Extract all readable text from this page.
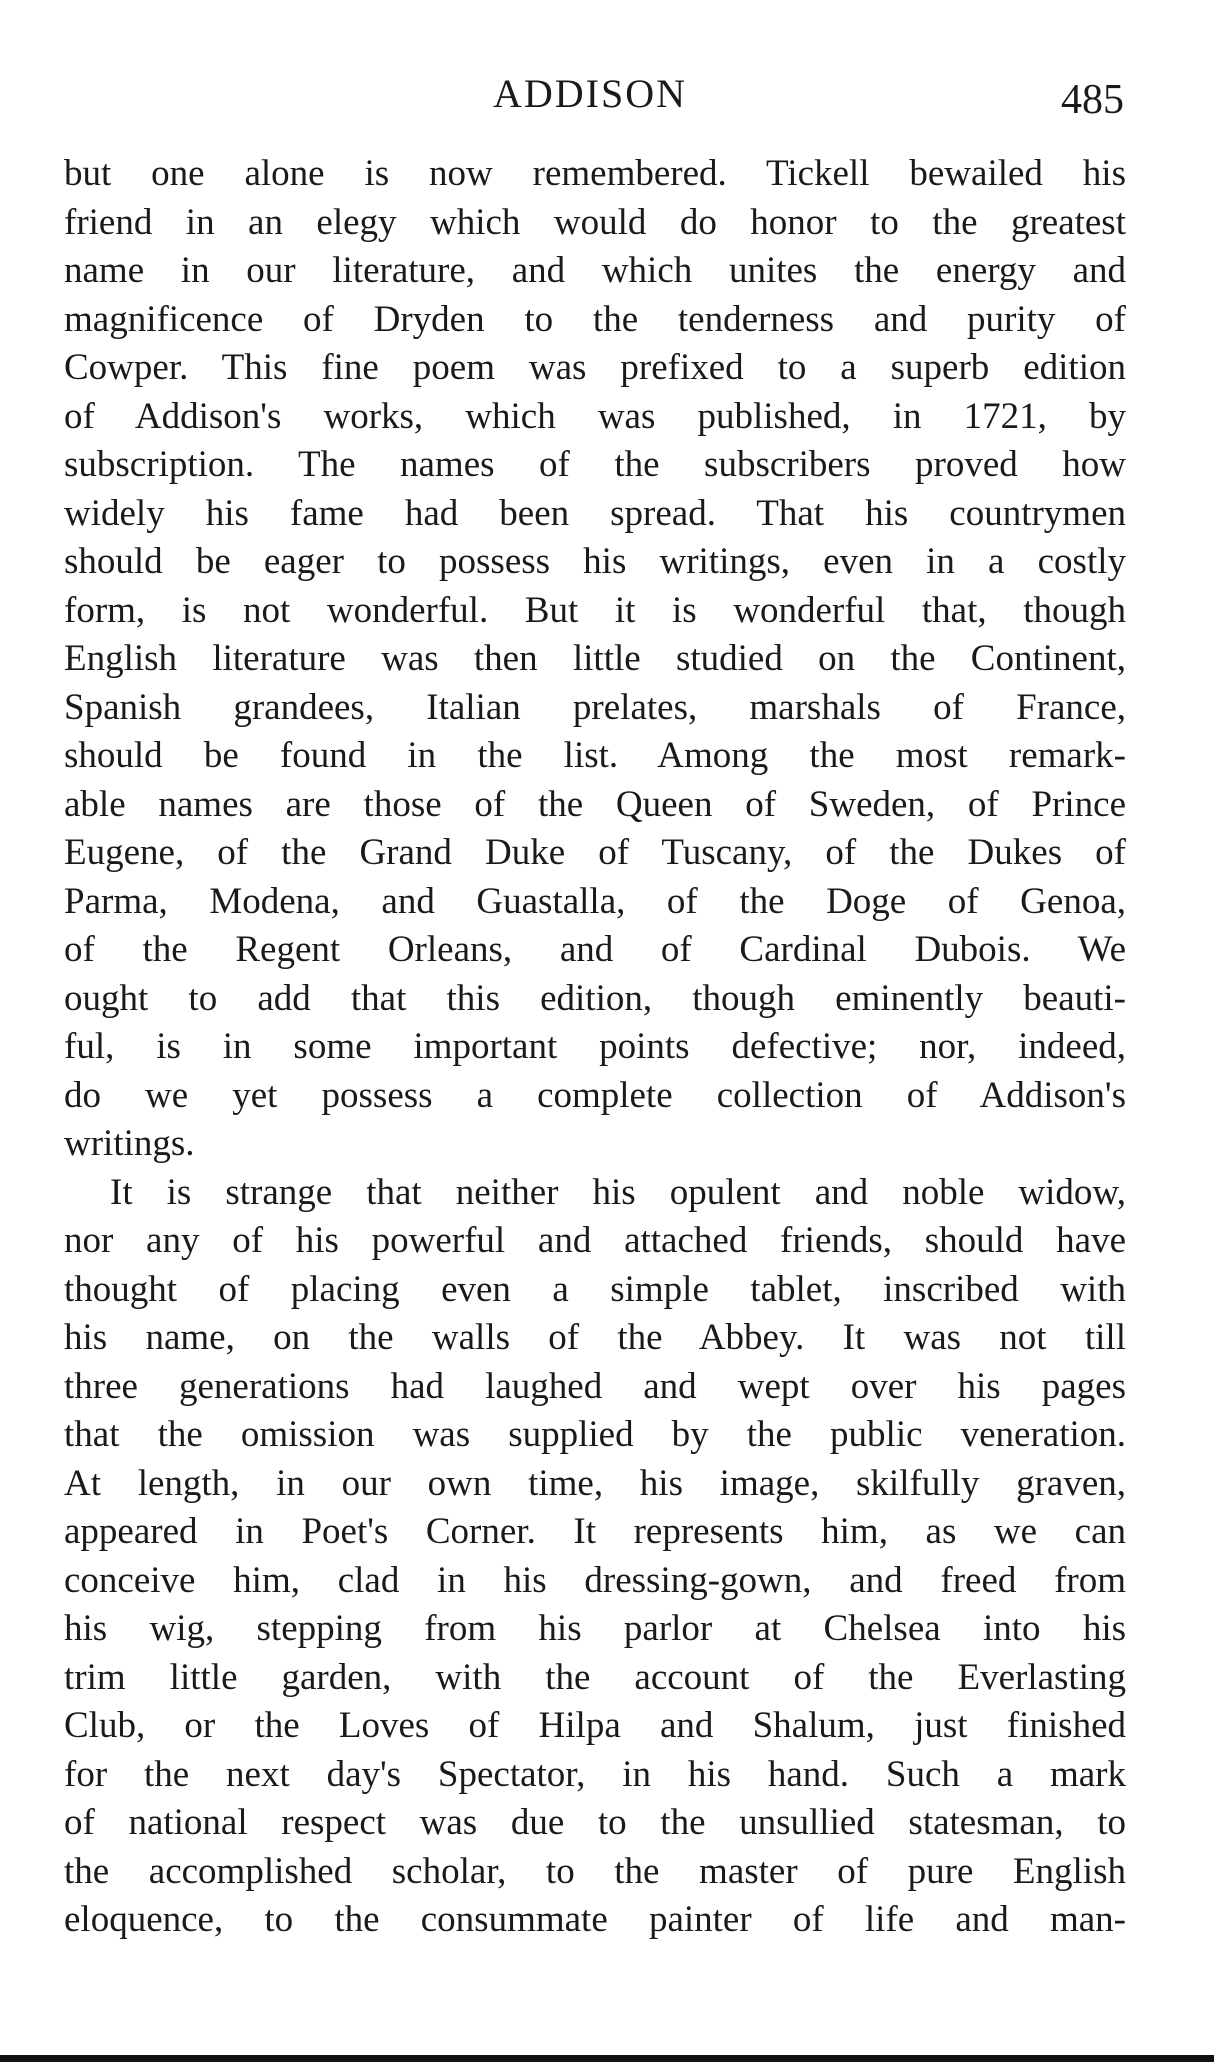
ADDISON	485
but one alone is now remembered. Tickell bewailed his
friend in an elegy which would do honor to the greatest
name in our literature, and which unites the energy and
magnificence of Dryden to the tenderness and purity of
Cowper. This fine poem was prefixed to a superb edition
of Addison's works, which was published, in 1721, by
subscription. The names of the subscribers proved how
widely his fame had been spread. That his countrymen
should be eager to possess his writings, even in a costly
form, is not wonderful. But it is wonderful that, though
English literature was then little studied on the Continent,
Spanish grandees, Italian prelates, marshals of France,
should be found in the list. Among the most remark-
able names are those of the Queen of Sweden, of Prince
Eugene, of the Grand Duke of Tuscany, of the Dukes of
Parma, Modena, and Guastalla, of the Doge of Genoa,
of the Regent Orleans, and of Cardinal Dubois. We
ought to add that this edition, though eminently beauti-
ful, is in some important points defective; nor, indeed,
do we yet possess a complete collection of Addison's
writings.
It is strange that neither his opulent and noble widow,
nor any of his powerful and attached friends, should have
thought of placing even a simple tablet, inscribed with
his name, on the walls of the Abbey. It was not till
three generations had laughed and wept over his pages
that the omission was supplied by the public veneration.
At length, in our own time, his image, skilfully graven,
appeared in Poet's Corner. It represents him, as we can
conceive him, clad in his dressing-gown, and freed from
his wig, stepping from his parlor at Chelsea into his
trim little garden, with the account of the Everlasting
Club, or the Loves of Hilpa and Shalum, just finished
for the next day's Spectator, in his hand. Such a mark
of national respect was due to the unsullied statesman, to
the accomplished scholar, to the master of pure English
eloquence, to the consummate painter of life and man-
